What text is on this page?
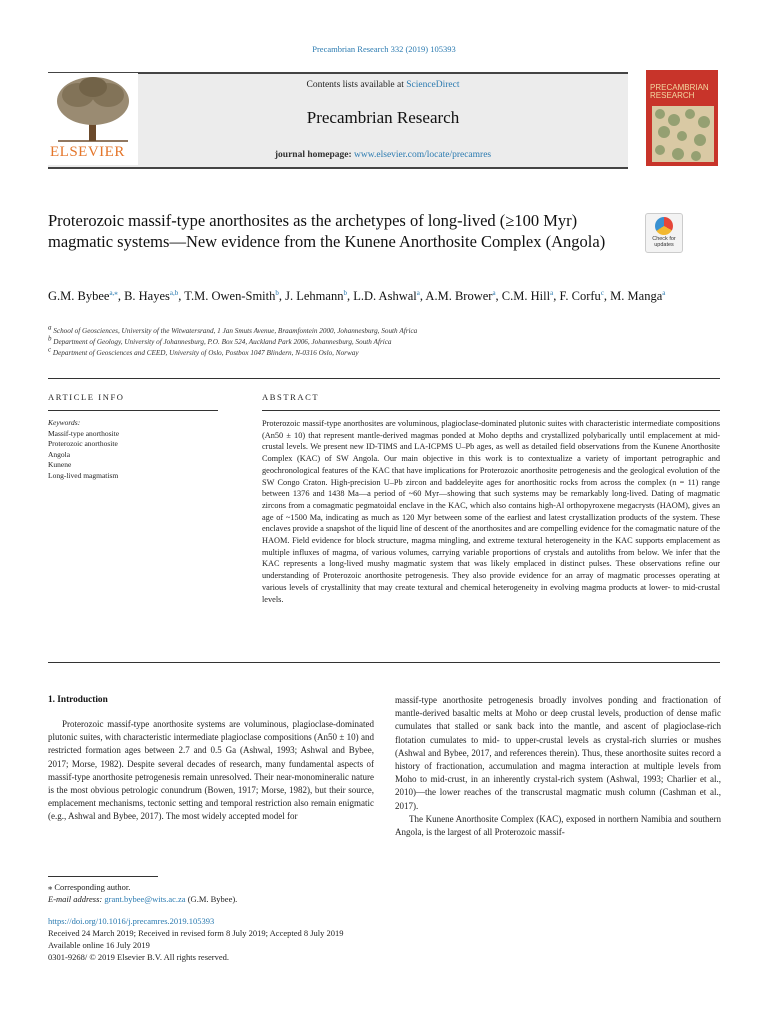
Precambrian Research 332 (2019) 105393
ELSEVIER
Contents lists available at ScienceDirect
Precambrian Research
journal homepage: www.elsevier.com/locate/precamres
PRECAMBRIAN RESEARCH
Proterozoic massif-type anorthosites as the archetypes of long-lived (≥100 Myr) magmatic systems—New evidence from the Kunene Anorthosite Complex (Angola)	Check for updates
G.M. Bybee$^{a,⁎}$, B. Hayes$^{a,b}$, T.M. Owen-Smith$^b$, J. Lehmann$^b$, L.D. Ashwal$^a$, A.M. Brower$^a$, C.M. Hill$^a$, F. Corfu$^c$, M. Manga$^a$
$^a$ School of Geosciences, University of the Witwatersrand, 1 Jan Smuts Avenue, Braamfontein 2000, Johannesburg, South Africa
$^b$ Department of Geology, University of Johannesburg, P.O. Box 524, Auckland Park 2006, Johannesburg, South Africa
$^c$ Department of Geosciences and CEED, University of Oslo, Postbox 1047 Blindern, N-0316 Oslo, Norway
ARTICLE INFO	ABSTRACT
Keywords:
Massif-type anorthosite
Proterozoic anorthosite
Angola
Kunene
Long-lived magmatism
Proterozoic massif-type anorthosites are voluminous, plagioclase-dominated plutonic suites with characteristic intermediate compositions (An50 ± 10) that represent mantle-derived magmas ponded at Moho depths and crystallized polybarically until emplacement at mid-crustal levels. We present new ID-TIMS and LA-ICPMS U–Pb ages, as well as detailed field observations from the Kunene Anorthosite Complex (KAC) of SW Angola. Our main objective in this work is to contextualize a variety of important petrographic and geochronological features of the KAC that have implications for Proterozoic anorthosite petrogenesis and the geological evolution of the SW Congo Craton. High-precision U–Pb zircon and baddeleyite ages for anorthositic rocks from across the complex (n = 11) range between 1376 and 1438 Ma—a period of ~60 Myr—showing that such systems may be remarkably long-lived. Dating of magmatic zircons from a comagmatic pegmatoidal enclave in the KAC, which also contains high-Al orthopyroxene megacrysts (HAOM), gives an age of ~1500 Ma, indicating as much as 120 Myr between some of the earliest and latest crystallization products of the system. These enclaves provide a snapshot of the liquid line of descent of the anorthosites and are compelling evidence for the comagmatic nature of the HAOM. Field evidence for block structure, magma mingling, and extreme textural heterogeneity in the KAC supports emplacement as multiple influxes of magma, of various volumes, carrying variable proportions of crystals and autoliths from below. We infer that the KAC represents a long-lived mushy magmatic system that was likely emplaced in distinct pulses. These observations refine our understanding of Proterozoic anorthosite petrogenesis. They also provide evidence for an array of magmatic processes operating at various levels of crystallinity that may create textural and chemical heterogeneity in evolving magma products at lower- to mid-crustal levels.
1. Introduction
Proterozoic massif-type anorthosite systems are voluminous, plagioclase-dominated plutonic suites, with characteristic intermediate plagioclase compositions (An50 ± 10) and restricted formation ages between 2.7 and 0.5 Ga (Ashwal, 1993; Ashwal and Bybee, 2017; Morse, 1982). Despite several decades of research, many fundamental aspects of massif-type anorthosite petrogenesis remain unresolved. Their near-monomineralic nature is the most obvious petrologic conundrum (Bowen, 1917; Morse, 1982), but their source, emplacement mechanisms, tectonic setting and temporal restriction also remain enigmatic (e.g., Ashwal and Bybee, 2017). The most widely accepted model for

massif-type anorthosite petrogenesis broadly involves ponding and fractionation of mantle-derived basaltic melts at Moho or deep crustal levels, production of dense mafic cumulates that stalled or sank back into the mantle, and ascent of plagioclase-rich flotation cumulates to mid- to upper-crustal levels as crystal-rich slurries or mushes (Ashwal and Bybee, 2017, and references therein). Thus, these anorthosite suites record a history of fractionation, accumulation and magma interaction at multiple levels from Moho to mid-crust, in an inherently crystal-rich system (Ashwal, 1993; Charlier et al., 2010)—the lower reaches of the transcrustal magmatic mush column (Cashman et al., 2017).

The Kunene Anorthosite Complex (KAC), exposed in northern Namibia and southern Angola, is the largest of all Proterozoic massif-

⁎ Corresponding author.
E-mail address: grant.bybee@wits.ac.za (G.M. Bybee).
https://doi.org/10.1016/j.precamres.2019.105393
Received 24 March 2019; Received in revised form 8 July 2019; Accepted 8 July 2019
Available online 16 July 2019
0301-9268/ © 2019 Elsevier B.V. All rights reserved.
